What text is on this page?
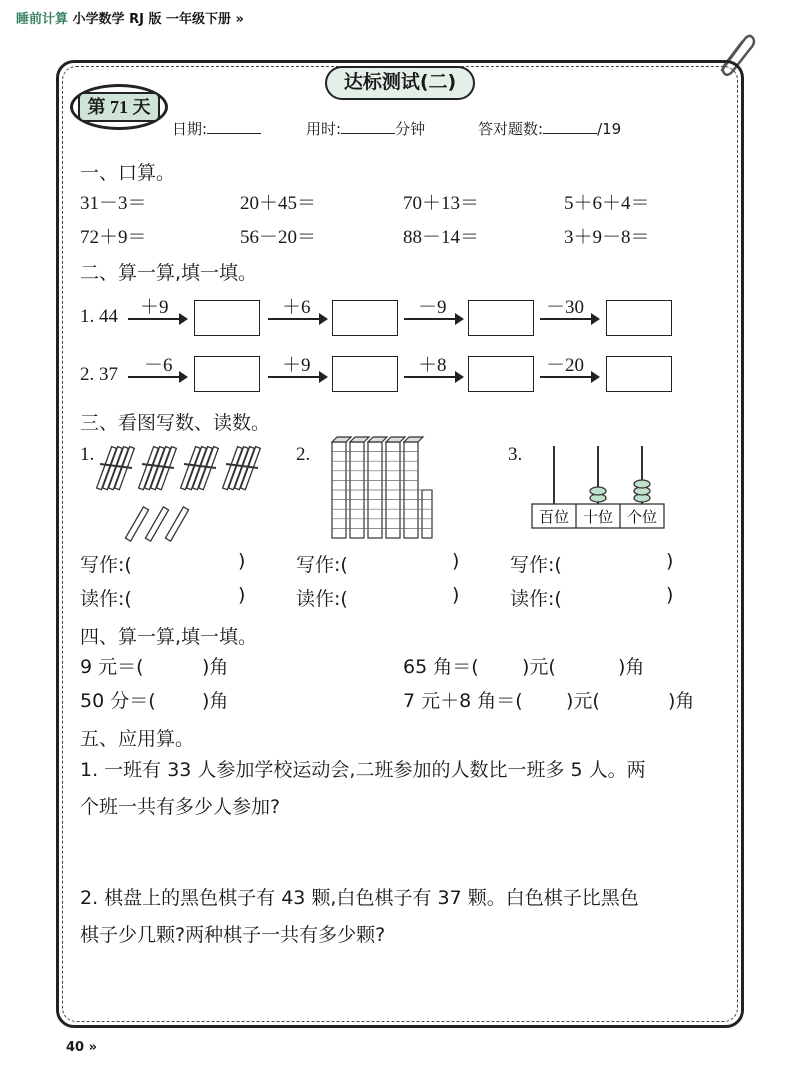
睡前计算 小学数学 RJ 版 一年级下册 »
达标测试(二)
第 71 天
日期:	用时:	分钟	答对题数:	/19
一、口算。
31－3＝	20＋45＝	70＋13＝	5＋6＋4＝
72＋9＝	56－20＝	88－14＝	3＋9－8＝
二、算一算,填一填。
1. 44 ＋9	＋6	－9	－30
2. 37 －6	＋9	＋8	－20
三、看图写数、读数。
1.	2.	3.
百位 十位 个位
写作:(	)	写作:(	)	写作:(	)
读作:(	)	读作:(	)	读作:(	)
四、算一算,填一填。
9 元＝(	)角	65 角＝( )元(	)角
50 分＝( )角	7 元＋8 角＝( )元(	)角
五、应用算。
1. 一班有 33 人参加学校运动会,二班参加的人数比一班多 5 人。两
个班一共有多少人参加?
2. 棋盘上的黑色棋子有 43 颗,白色棋子有 37 颗。白色棋子比黑色
棋子少几颗?两种棋子一共有多少颗?
40 »
